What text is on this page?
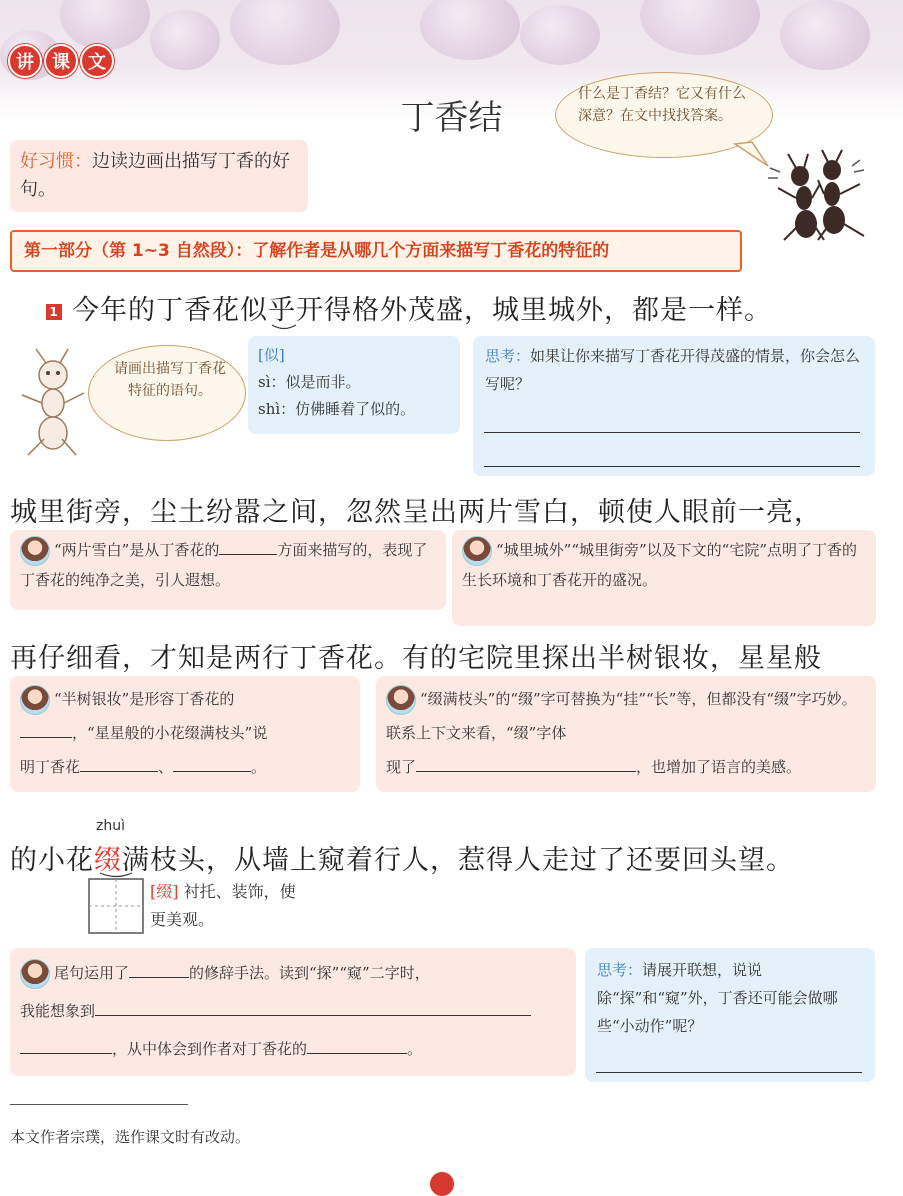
讲	课	文
丁香结
什么是丁香结？它又有什么深意？在文中找找答案。
好习惯：边读边画出描写丁香的好句。
第一部分（第 1~3 自然段）：了解作者是从哪几个方面来描写丁香花的特征的
1 今年的丁香花似乎开得格外茂盛，城里城外，都是一样。
请画出描写丁香花特征的语句。
[似]
sì：似是而非。
shì：仿佛睡着了似的。
思考：如果让你来描写丁香花开得茂盛的情景，你会怎么写呢？
城里街旁，尘土纷嚣之间，忽然呈出两片雪白，顿使人眼前一亮，
“两片雪白”是从丁香花的	方面来描写的，表现了丁香花的纯净之美，引人遐想。
“城里城外”“城里街旁”以及下文的“宅院”点明了丁香的生长环境和丁香花开的盛况。
再仔细看，才知是两行丁香花。有的宅院里探出半树银妆，星星般
“半树银妆”是形容丁香花的
，“星星般的小花缀满枝头”说
明丁香花	、	。
“缀满枝头”的“缀”字可替换为“挂”“长”等，但都没有“缀”字巧妙。联系上下文来看，“缀”字体
现了	，也增加了语言的美感。
zhuì
的小花缀满枝头，从墙上窥着行人，惹得人走过了还要回头望。
[缀] 衬托、装饰，使更美观。
尾句运用了	的修辞手法。读到“探”“窥”二字时，
我能想象到
，从中体会到作者对丁香花的	。
思考：请展开联想，说说除“探”和“窥”外，丁香还可能会做哪些“小动作”呢？
本文作者宗璞，选作课文时有改动。
